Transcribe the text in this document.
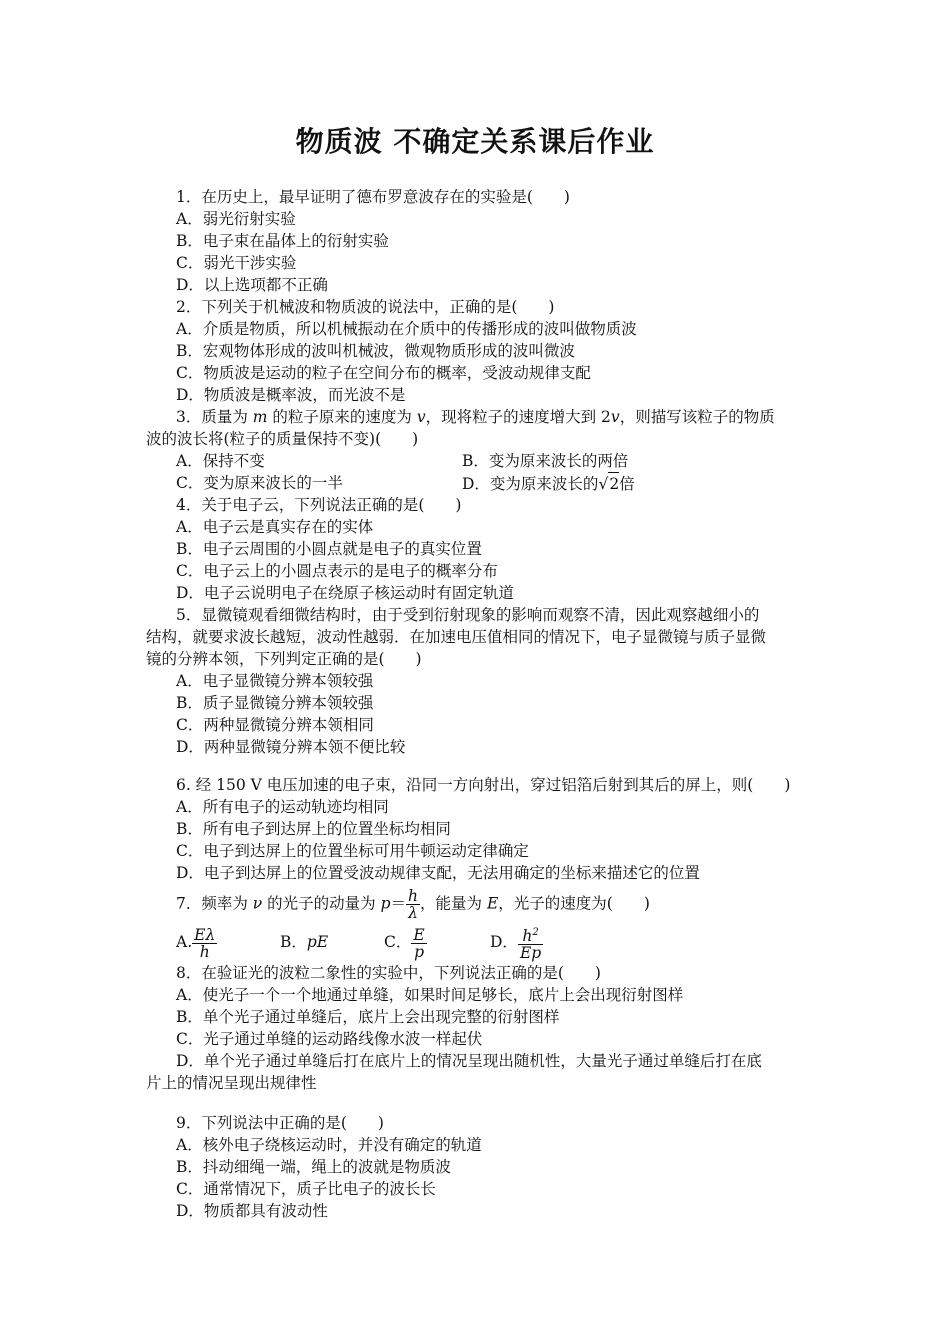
物质波 不确定关系课后作业
1．在历史上，最早证明了德布罗意波存在的实验是(　　)
A．弱光衍射实验
B．电子束在晶体上的衍射实验
C．弱光干涉实验
D．以上选项都不正确
2．下列关于机械波和物质波的说法中，正确的是(　　)
A．介质是物质，所以机械振动在介质中的传播形成的波叫做物质波
B．宏观物体形成的波叫机械波，微观物质形成的波叫微波
C．物质波是运动的粒子在空间分布的概率，受波动规律支配
D．物质波是概率波，而光波不是
3．质量为 m 的粒子原来的速度为 v，现将粒子的速度增大到 2v，则描写该粒子的物质
波的波长将(粒子的质量保持不变)(　　)
A．保持不变	B．变为原来波长的两倍
C．变为原来波长的一半	D．变为原来波长的√2倍
4．关于电子云，下列说法正确的是(　　)
A．电子云是真实存在的实体
B．电子云周围的小圆点就是电子的真实位置
C．电子云上的小圆点表示的是电子的概率分布
D．电子云说明电子在绕原子核运动时有固定轨道
5．显微镜观看细微结构时，由于受到衍射现象的影响而观察不清，因此观察越细小的
结构，就要求波长越短，波动性越弱．在加速电压值相同的情况下，电子显微镜与质子显微
镜的分辨本领，下列判定正确的是(　　)
A．电子显微镜分辨本领较强
B．质子显微镜分辨本领较强
C．两种显微镜分辨本领相同
D．两种显微镜分辨本领不便比较
6. 经 150 V 电压加速的电子束，沿同一方向射出，穿过铝箔后射到其后的屏上，则(　　)
A．所有电子的运动轨迹均相同
B．所有电子到达屏上的位置坐标均相同
C．电子到达屏上的位置坐标可用牛顿运动定律确定
D．电子到达屏上的位置受波动规律支配，无法用确定的坐标来描述它的位置
7．频率为 ν 的光子的动量为 $p= \frac{h}{\lambda}$ ，能量为 E，光子的速度为(　　)
A. $\frac{E\lambda}{h}$	B．pE	C． $\frac{E}{p}$	D． $\frac{h^2}{Ep}$
8．在验证光的波粒二象性的实验中，下列说法正确的是(　　)
A．使光子一个一个地通过单缝，如果时间足够长，底片上会出现衍射图样
B．单个光子通过单缝后，底片上会出现完整的衍射图样
C．光子通过单缝的运动路线像水波一样起伏
D．单个光子通过单缝后打在底片上的情况呈现出随机性，大量光子通过单缝后打在底
片上的情况呈现出规律性
9．下列说法中正确的是(　　)
A．核外电子绕核运动时，并没有确定的轨道
B．抖动细绳一端，绳上的波就是物质波
C．通常情况下，质子比电子的波长长
D．物质都具有波动性
